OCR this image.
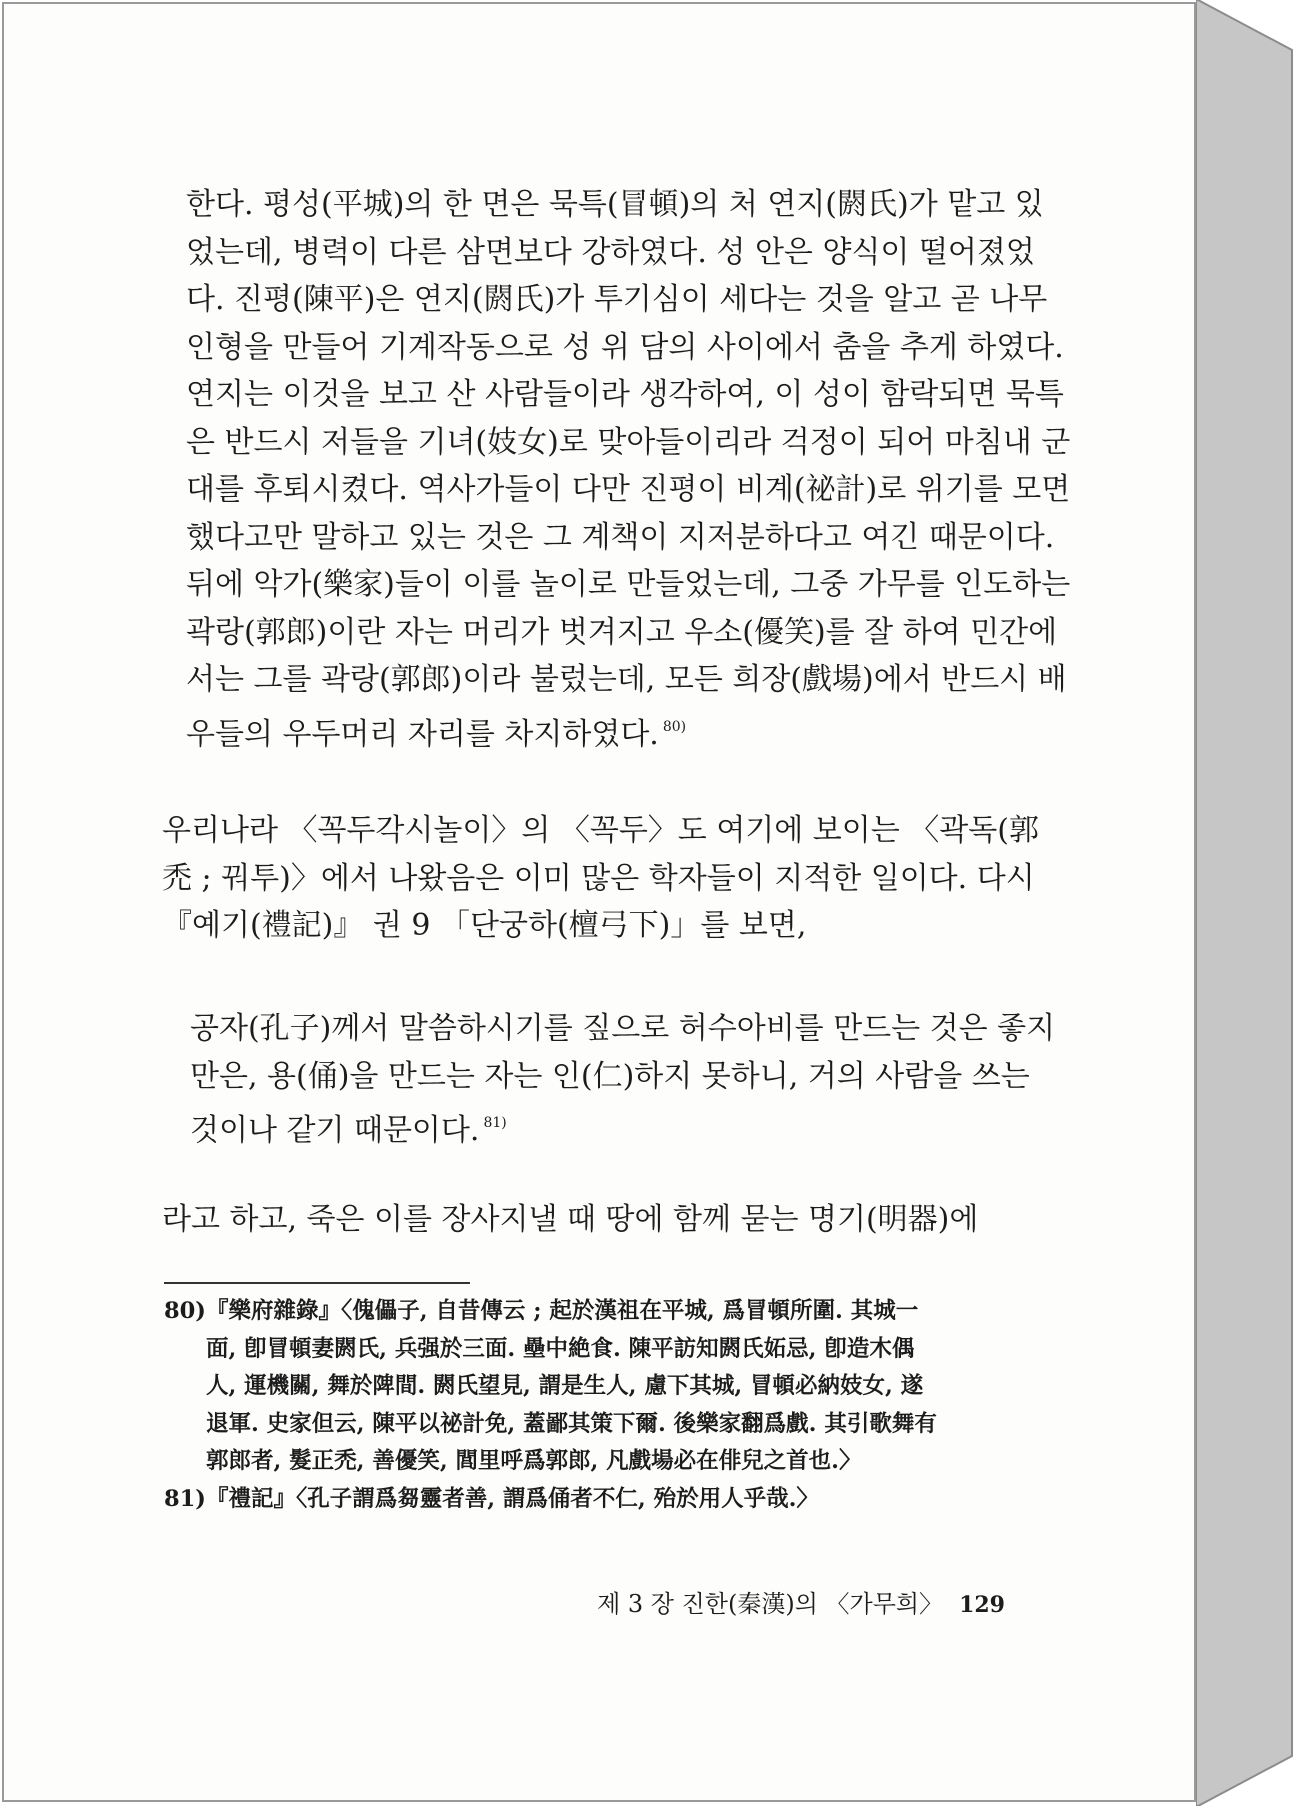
한다. 평성(平城)의 한 면은 묵특(冒頓)의 처 연지(閼氏)가 맡고 있
었는데, 병력이 다른 삼면보다 강하였다. 성 안은 양식이 떨어졌었
다. 진평(陳平)은 연지(閼氏)가 투기심이 세다는 것을 알고 곧 나무
인형을 만들어 기계작동으로 성 위 담의 사이에서 춤을 추게 하였다.
연지는 이것을 보고 산 사람들이라 생각하여, 이 성이 함락되면 묵특
은 반드시 저들을 기녀(妓女)로 맞아들이리라 걱정이 되어 마침내 군
대를 후퇴시켰다. 역사가들이 다만 진평이 비계(祕計)로 위기를 모면
했다고만 말하고 있는 것은 그 계책이 지저분하다고 여긴 때문이다.
뒤에 악가(樂家)들이 이를 놀이로 만들었는데, 그중 가무를 인도하는
곽랑(郭郎)이란 자는 머리가 벗겨지고 우소(優笑)를 잘 하여 민간에
서는 그를 곽랑(郭郎)이라 불렀는데, 모든 희장(戲場)에서 반드시 배
우들의 우두머리 자리를 차지하였다. $^{80)}$
우리나라 〈꼭두각시놀이〉의 〈꼭두〉도 여기에 보이는 〈곽독(郭
禿 ; 꿔투)〉에서 나왔음은 이미 많은 학자들이 지적한 일이다. 다시
『예기(禮記)』 권 9 「단궁하(檀弓下)」를 보면,
공자(孔子)께서 말씀하시기를 짚으로 허수아비를 만드는 것은 좋지
만은, 용(俑)을 만드는 자는 인(仁)하지 못하니, 거의 사람을 쓰는
것이나 같기 때문이다. $^{81)}$
라고 하고, 죽은 이를 장사지낼 때 땅에 함께 묻는 명기(明器)에
80)『樂府雜錄』〈傀儡子, 自昔傳云 ; 起於漢祖在平城, 爲冒頓所圍. 其城一
面, 卽冒頓妻閼氏, 兵强於三面. 壘中絶食. 陳平訪知閼氏妬忌, 卽造木偶
人, 運機關, 舞於陴間. 閼氏望見, 謂是生人, 慮下其城, 冒頓必納妓女, 遂
退軍. 史家但云, 陳平以祕計免, 蓋鄙其策下爾. 後樂家翻爲戲. 其引歌舞有
郭郎者, 髮正禿, 善優笑, 閭里呼爲郭郎, 凡戲場必在俳兒之首也.〉
81)『禮記』〈孔子謂爲芻靈者善, 謂爲俑者不仁, 殆於用人乎哉.〉
제 3 장 진한(秦漢)의 〈가무희〉 129
